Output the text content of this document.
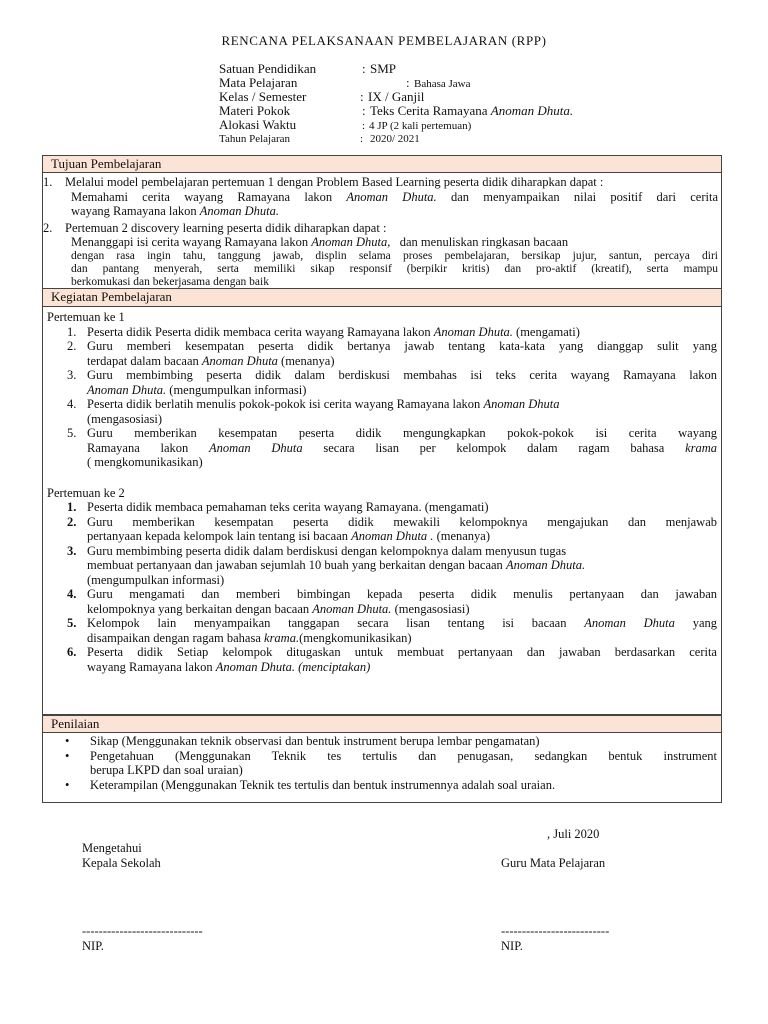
RENCANA PELAKSANAAN PEMBELAJARAN (RPP)
Satuan Pendidikan	: SMP
Mata Pelajaran	: Bahasa Jawa
Kelas / Semester	: IX / Ganjil
Materi Pokok	: Teks Cerita Ramayana Anoman Dhuta.
Alokasi Waktu	: 4 JP (2 kali pertemuan)
Tahun Pelajaran	: 2020/ 2021
Tujuan Pembelajaran
1. Melalui model pembelajaran pertemuan 1 dengan Problem Based Learning peserta didik diharapkan dapat :
Memahami cerita wayang Ramayana lakon Anoman Dhuta. dan menyampaikan nilai positif dari cerita
wayang Ramayana lakon Anoman Dhuta.
2. Pertemuan 2 discovery learning peserta didik diharapkan dapat :
Menanggapi isi cerita wayang Ramayana lakon Anoman Dhuta, dan menuliskan ringkasan bacaan
dengan rasa ingin tahu, tanggung jawab, displin selama proses pembelajaran, bersikap jujur, santun, percaya diri
dan pantang menyerah, serta memiliki sikap responsif (berpikir kritis) dan pro-aktif (kreatif), serta mampu
berkomukasi dan bekerjasama dengan baik
Kegiatan Pembelajaran
Pertemuan ke 1
1. Peserta didik Peserta didik membaca cerita wayang Ramayana lakon Anoman Dhuta. (mengamati)
2. Guru memberi kesempatan peserta didik bertanya jawab tentang kata-kata yang dianggap sulit yang
terdapat dalam bacaan Anoman Dhuta (menanya)
3. Guru membimbing peserta didik dalam berdiskusi membahas isi teks cerita wayang Ramayana lakon
Anoman Dhuta. (mengumpulkan informasi)
4. Peserta didik berlatih menulis pokok-pokok isi cerita wayang Ramayana lakon Anoman Dhuta
(mengasosiasi)
5. Guru memberikan kesempatan peserta didik mengungkapkan pokok-pokok isi cerita wayang
Ramayana lakon Anoman Dhuta secara lisan per kelompok dalam ragam bahasa krama
( mengkomunikasikan)
Pertemuan ke 2
1. Peserta didik membaca pemahaman teks cerita wayang Ramayana. (mengamati)
2. Guru memberikan kesempatan peserta didik mewakili kelompoknya mengajukan dan menjawab
pertanyaan kepada kelompok lain tentang isi bacaan Anoman Dhuta . (menanya)
3. Guru membimbing peserta didik dalam berdiskusi dengan kelompoknya dalam menyusun tugas
membuat pertanyaan dan jawaban sejumlah 10 buah yang berkaitan dengan bacaan Anoman Dhuta.
(mengumpulkan informasi)
4. Guru mengamati dan memberi bimbingan kepada peserta didik menulis pertanyaan dan jawaban
kelompoknya yang berkaitan dengan bacaan Anoman Dhuta. (mengasosiasi)
5. Kelompok lain menyampaikan tanggapan secara lisan tentang isi bacaan Anoman Dhuta yang
disampaikan dengan ragam bahasa krama.(mengkomunikasikan)
6. Peserta didik Setiap kelompok ditugaskan untuk membuat pertanyaan dan jawaban berdasarkan cerita
wayang Ramayana lakon Anoman Dhuta. (menciptakan)
Penilaian
• Sikap (Menggunakan teknik observasi dan bentuk instrument berupa lembar pengamatan)
• Pengetahuan (Menggunakan Teknik tes tertulis dan penugasan, sedangkan bentuk instrument
berupa LKPD dan soal uraian)
• Keterampilan (Menggunakan Teknik tes tertulis dan bentuk instrumennya adalah soal uraian.
, Juli 2020
Mengetahui
Kepala Sekolah	Guru Mata Pelajaran
-----------------------------	--------------------------
NIP.	NIP.
